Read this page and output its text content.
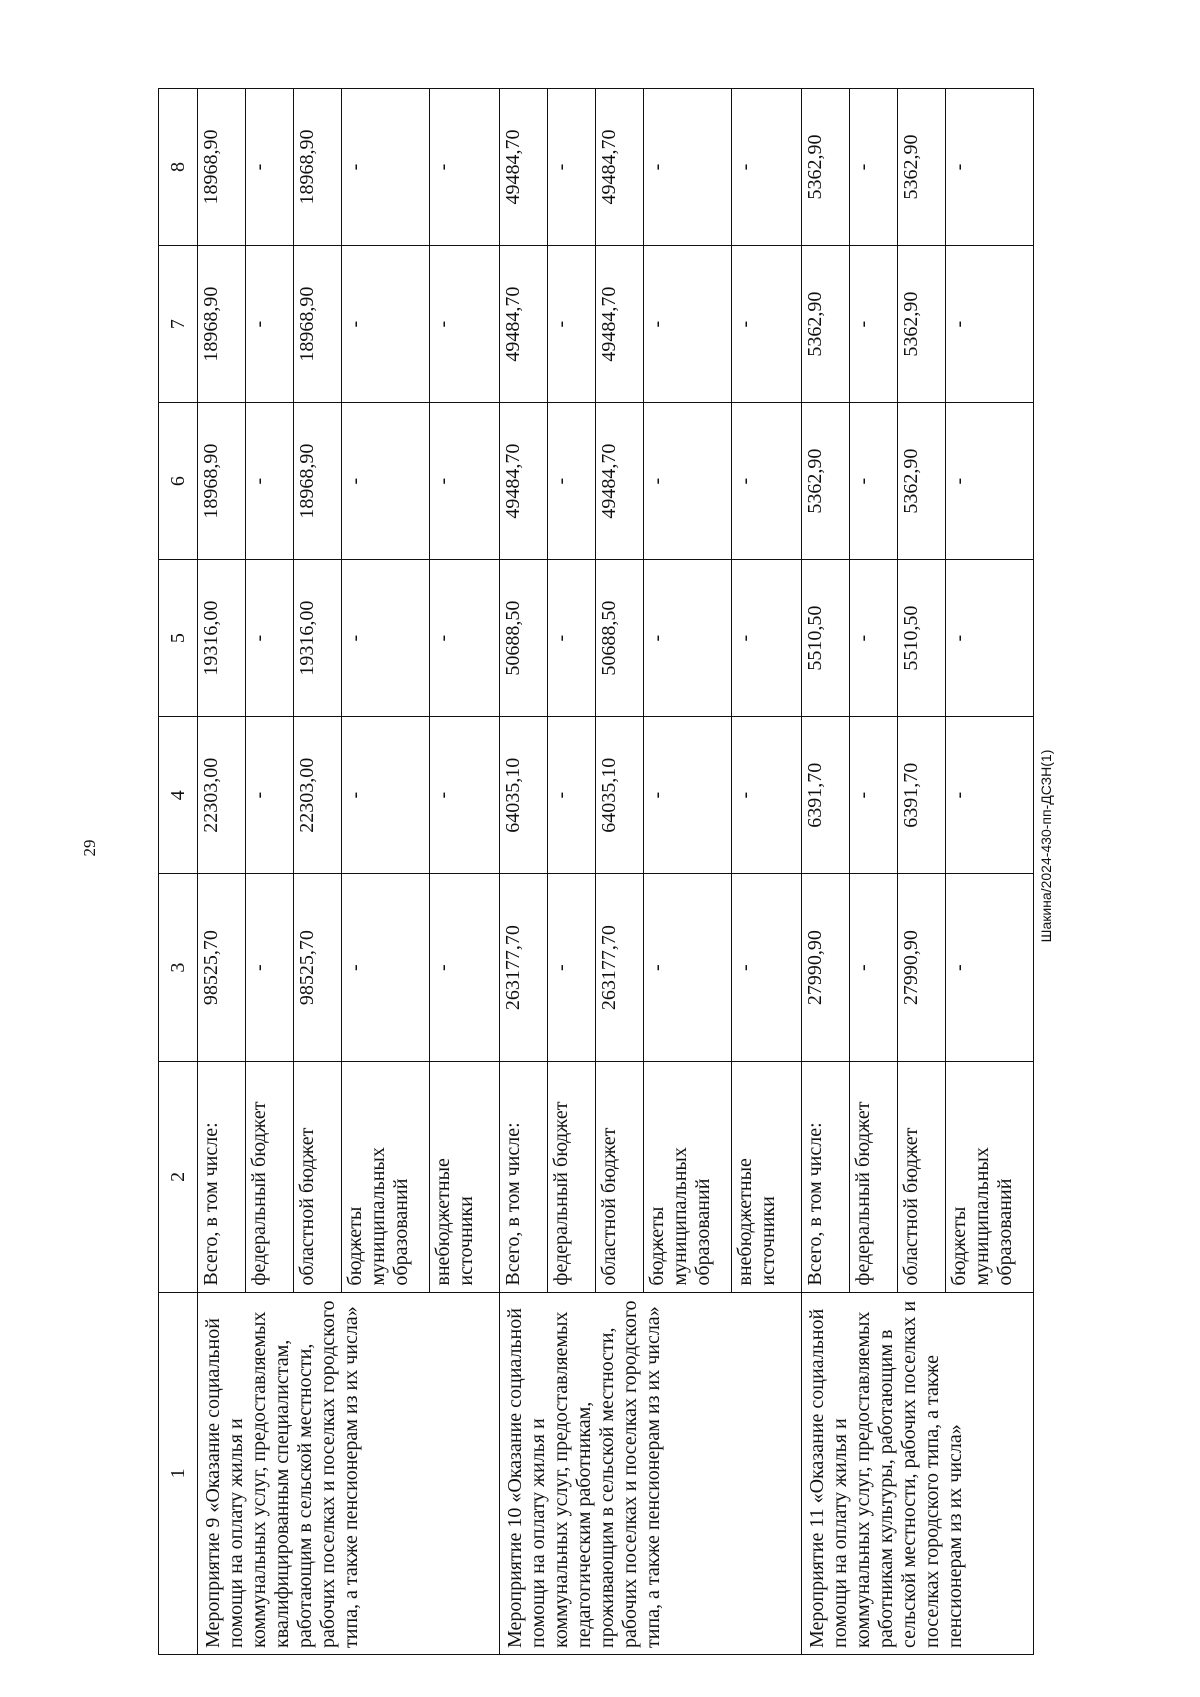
29	Шакина/2024-430-пп-ДСЗН(1)
1	2	3	4	5	6	7	8
Мероприятие 9 «Оказание социальной помощи на оплату жилья и коммунальных услуг, предоставляемых квалифицированным специалистам, работающим в сельской местности, рабочих поселках и поселках городского типа, а также пенсионерам из их числа»	Всего, в том числе:	98525,70	22303,00	19316,00	18968,90	18968,90	18968,90
	федеральный бюджет	-	-	-	-	-	-
	областной бюджет	98525,70	22303,00	19316,00	18968,90	18968,90	18968,90
	бюджеты муниципальных образований	-	-	-	-	-	-
	внебюджетные источники	-	-	-	-	-	-
Мероприятие 10 «Оказание социальной помощи на оплату жилья и коммунальных услуг, предоставляемых педагогическим работникам, проживающим в сельской местности, рабочих поселках и поселках городского типа, а также пенсионерам из их числа»	Всего, в том числе:	263177,70	64035,10	50688,50	49484,70	49484,70	49484,70
	федеральный бюджет	-	-	-	-	-	-
	областной бюджет	263177,70	64035,10	50688,50	49484,70	49484,70	49484,70
	бюджеты муниципальных образований	-	-	-	-	-	-
	внебюджетные источники	-	-	-	-	-	-
Мероприятие 11 «Оказание социальной помощи на оплату жилья и коммунальных услуг, предоставляемых работникам культуры, работающим в сельской местности, рабочих поселках и поселках городского типа, а также пенсионерам из их числа»	Всего, в том числе:	27990,90	6391,70	5510,50	5362,90	5362,90	5362,90
	федеральный бюджет	-	-	-	-	-	-
	областной бюджет	27990,90	6391,70	5510,50	5362,90	5362,90	5362,90
	бюджеты муниципальных образований	-	-	-	-	-	-
